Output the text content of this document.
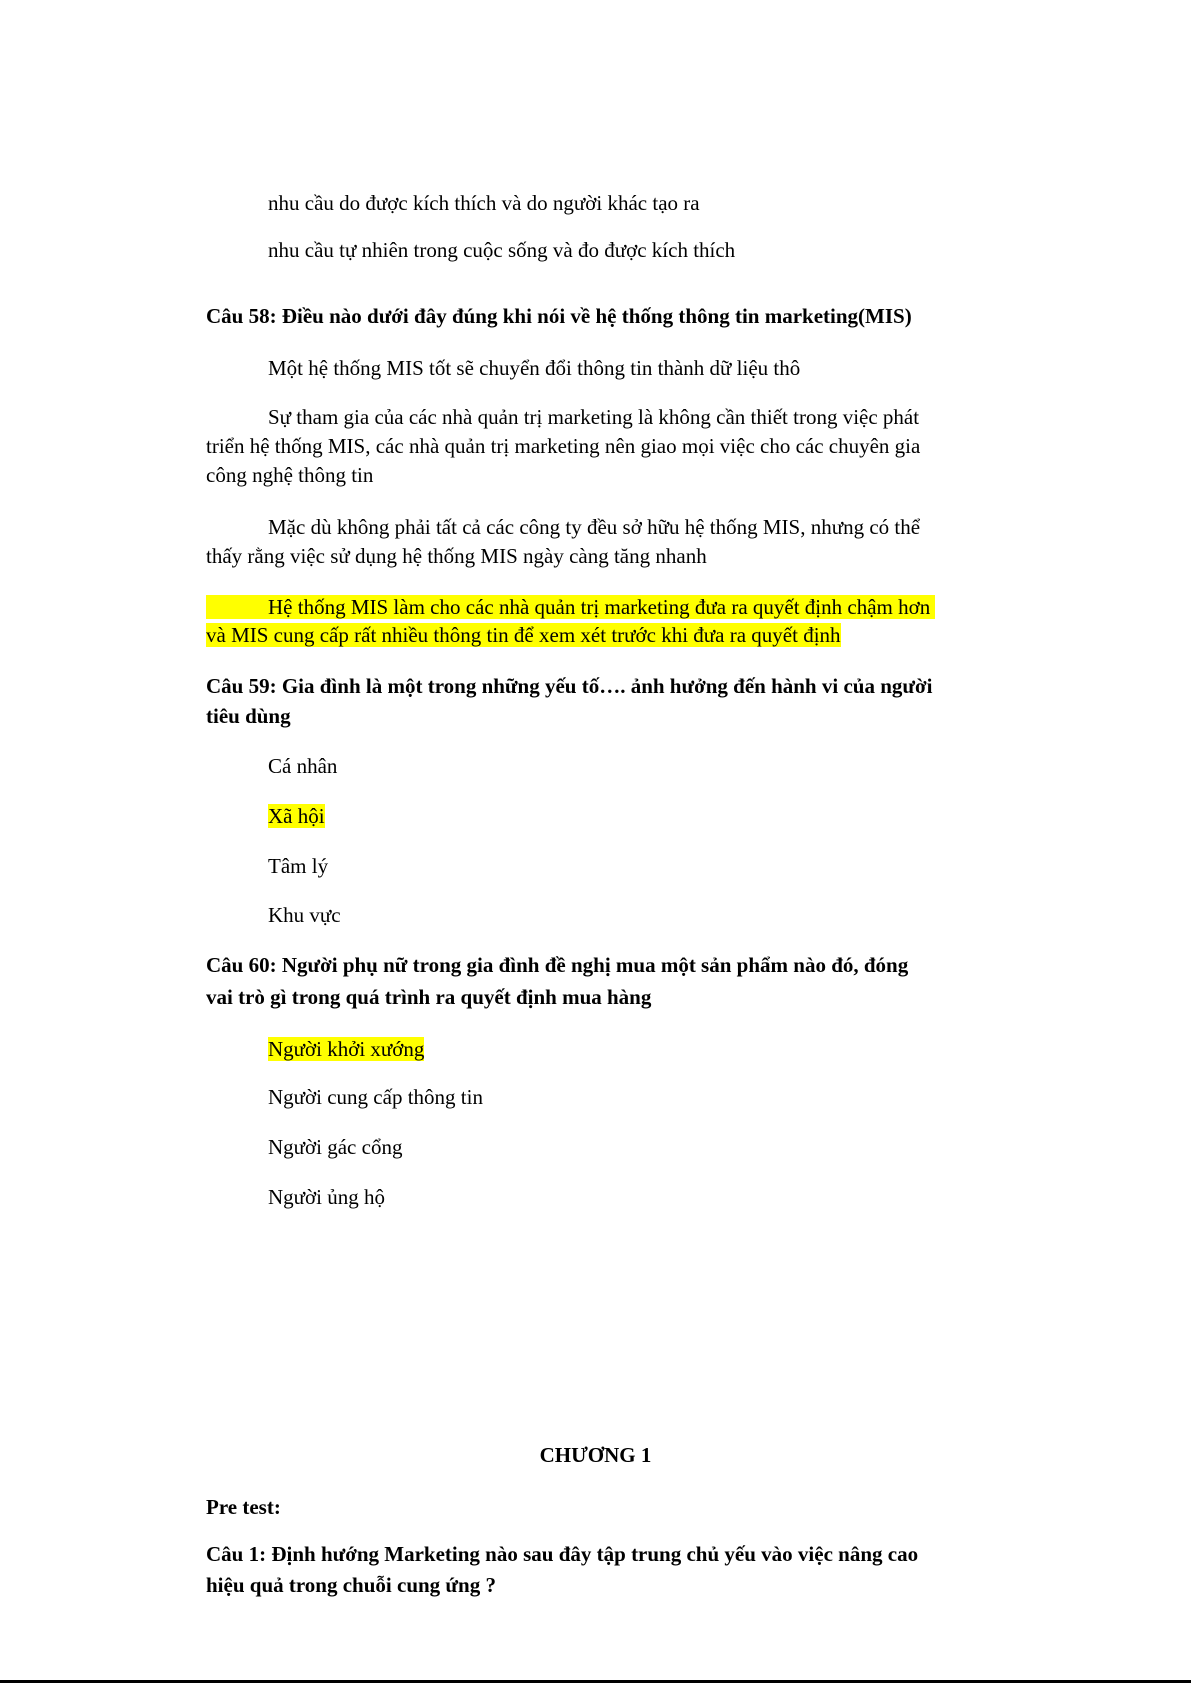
nhu cầu do được kích thích và do người khác tạo ra
nhu cầu tự nhiên trong cuộc sống và đo được kích thích
Câu 58: Điều nào dưới đây đúng khi nói về hệ thống thông tin marketing(MIS)
Một hệ thống MIS tốt sẽ chuyển đổi thông tin thành dữ liệu thô
Sự tham gia của các nhà quản trị marketing là không cần thiết trong việc phát
triển hệ thống MIS, các nhà quản trị marketing nên giao mọi việc cho các chuyên gia
công nghệ thông tin
Mặc dù không phải tất cả các công ty đều sở hữu hệ thống MIS, nhưng có thể
thấy rằng việc sử dụng hệ thống MIS ngày càng tăng nhanh
Hệ thống MIS làm cho các nhà quản trị marketing đưa ra quyết định chậm hơn
và MIS cung cấp rất nhiều thông tin để xem xét trước khi đưa ra quyết định
Câu 59: Gia đình là một trong những yếu tố…. ảnh hưởng đến hành vi của người
tiêu dùng
Cá nhân
Xã hội
Tâm lý
Khu vực
Câu 60: Người phụ nữ trong gia đình đề nghị mua một sản phẩm nào đó, đóng
vai trò gì trong quá trình ra quyết định mua hàng
Người khởi xướng
Người cung cấp thông tin
Người gác cổng
Người ủng hộ
CHƯƠNG 1
Pre test:
Câu 1: Định hướng Marketing nào sau đây tập trung chủ yếu vào việc nâng cao
hiệu quả trong chuỗi cung ứng ?
